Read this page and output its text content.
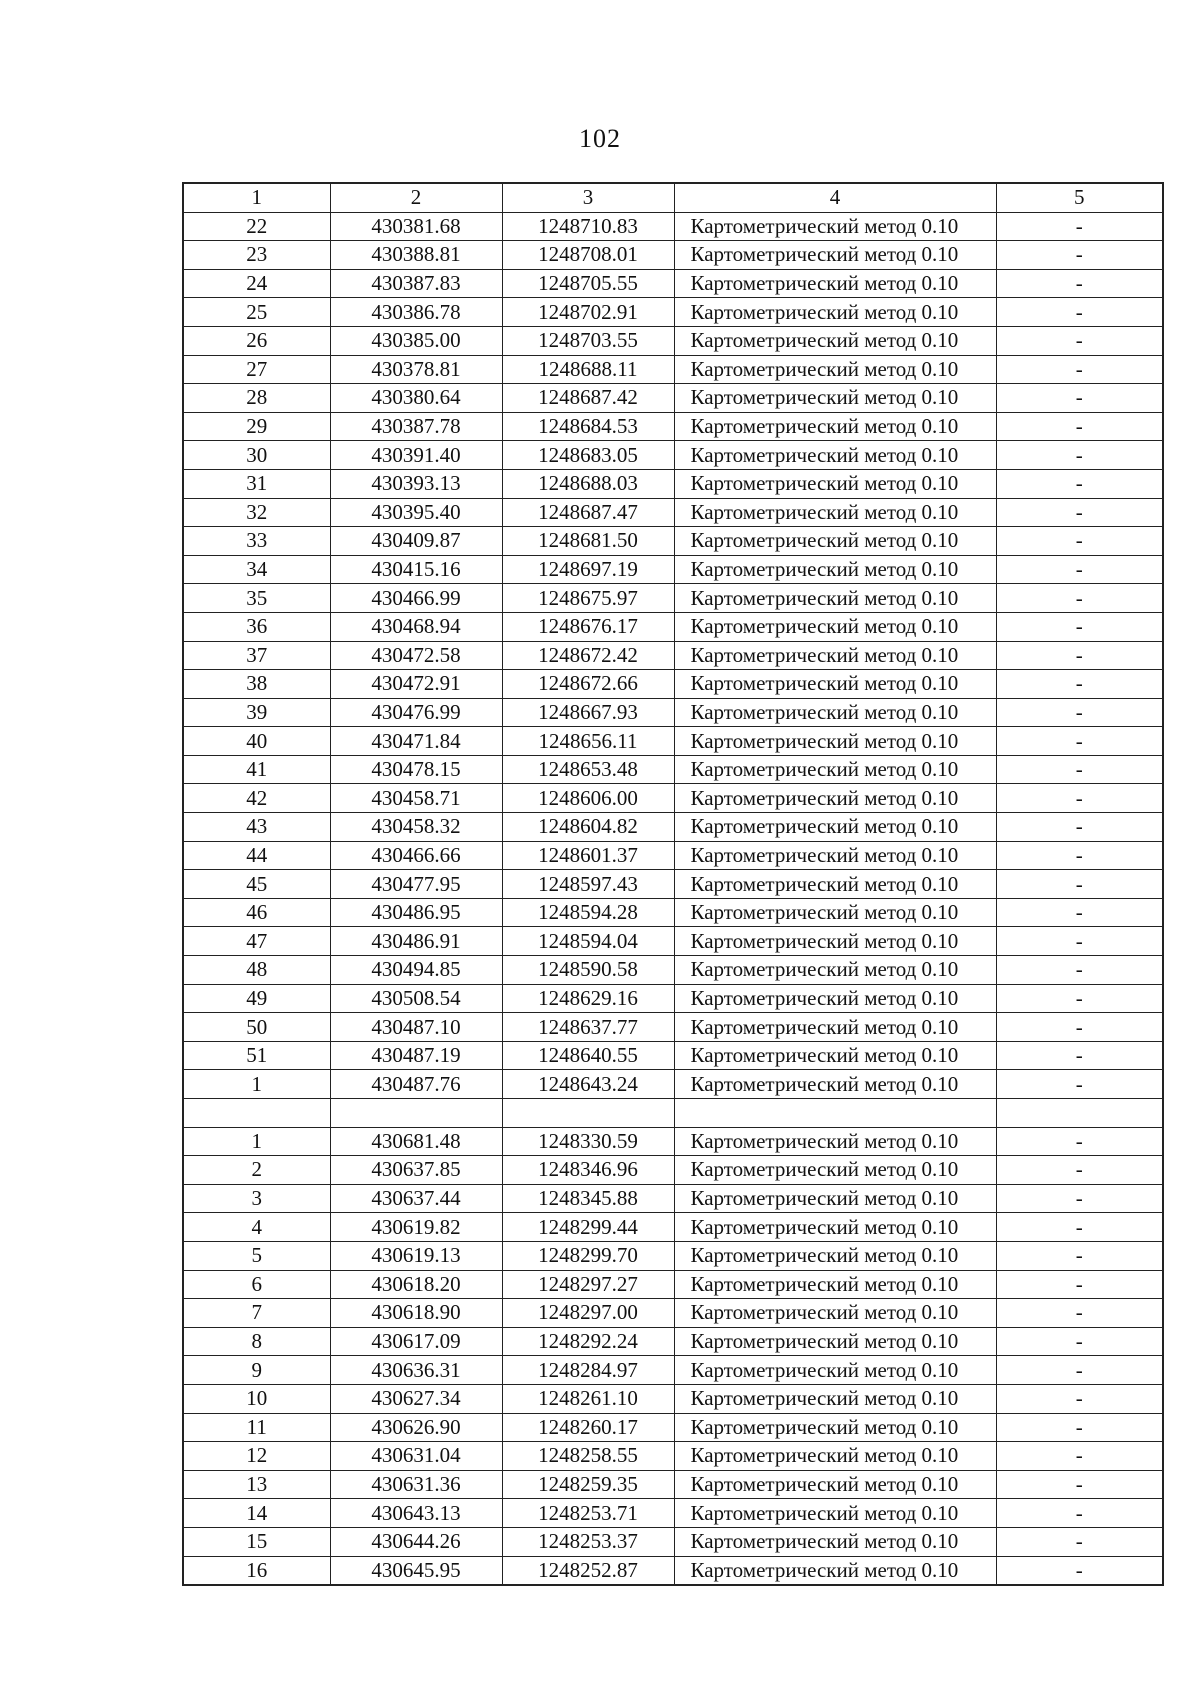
102
1	2	3	4	5
22	430381.68	1248710.83	Картометрический метод 0.10	-
23	430388.81	1248708.01	Картометрический метод 0.10	-
24	430387.83	1248705.55	Картометрический метод 0.10	-
25	430386.78	1248702.91	Картометрический метод 0.10	-
26	430385.00	1248703.55	Картометрический метод 0.10	-
27	430378.81	1248688.11	Картометрический метод 0.10	-
28	430380.64	1248687.42	Картометрический метод 0.10	-
29	430387.78	1248684.53	Картометрический метод 0.10	-
30	430391.40	1248683.05	Картометрический метод 0.10	-
31	430393.13	1248688.03	Картометрический метод 0.10	-
32	430395.40	1248687.47	Картометрический метод 0.10	-
33	430409.87	1248681.50	Картометрический метод 0.10	-
34	430415.16	1248697.19	Картометрический метод 0.10	-
35	430466.99	1248675.97	Картометрический метод 0.10	-
36	430468.94	1248676.17	Картометрический метод 0.10	-
37	430472.58	1248672.42	Картометрический метод 0.10	-
38	430472.91	1248672.66	Картометрический метод 0.10	-
39	430476.99	1248667.93	Картометрический метод 0.10	-
40	430471.84	1248656.11	Картометрический метод 0.10	-
41	430478.15	1248653.48	Картометрический метод 0.10	-
42	430458.71	1248606.00	Картометрический метод 0.10	-
43	430458.32	1248604.82	Картометрический метод 0.10	-
44	430466.66	1248601.37	Картометрический метод 0.10	-
45	430477.95	1248597.43	Картометрический метод 0.10	-
46	430486.95	1248594.28	Картометрический метод 0.10	-
47	430486.91	1248594.04	Картометрический метод 0.10	-
48	430494.85	1248590.58	Картометрический метод 0.10	-
49	430508.54	1248629.16	Картометрический метод 0.10	-
50	430487.10	1248637.77	Картометрический метод 0.10	-
51	430487.19	1248640.55	Картометрический метод 0.10	-
1	430487.76	1248643.24	Картометрический метод 0.10	-

1	430681.48	1248330.59	Картометрический метод 0.10	-
2	430637.85	1248346.96	Картометрический метод 0.10	-
3	430637.44	1248345.88	Картометрический метод 0.10	-
4	430619.82	1248299.44	Картометрический метод 0.10	-
5	430619.13	1248299.70	Картометрический метод 0.10	-
6	430618.20	1248297.27	Картометрический метод 0.10	-
7	430618.90	1248297.00	Картометрический метод 0.10	-
8	430617.09	1248292.24	Картометрический метод 0.10	-
9	430636.31	1248284.97	Картометрический метод 0.10	-
10	430627.34	1248261.10	Картометрический метод 0.10	-
11	430626.90	1248260.17	Картометрический метод 0.10	-
12	430631.04	1248258.55	Картометрический метод 0.10	-
13	430631.36	1248259.35	Картометрический метод 0.10	-
14	430643.13	1248253.71	Картометрический метод 0.10	-
15	430644.26	1248253.37	Картометрический метод 0.10	-
16	430645.95	1248252.87	Картометрический метод 0.10	-
